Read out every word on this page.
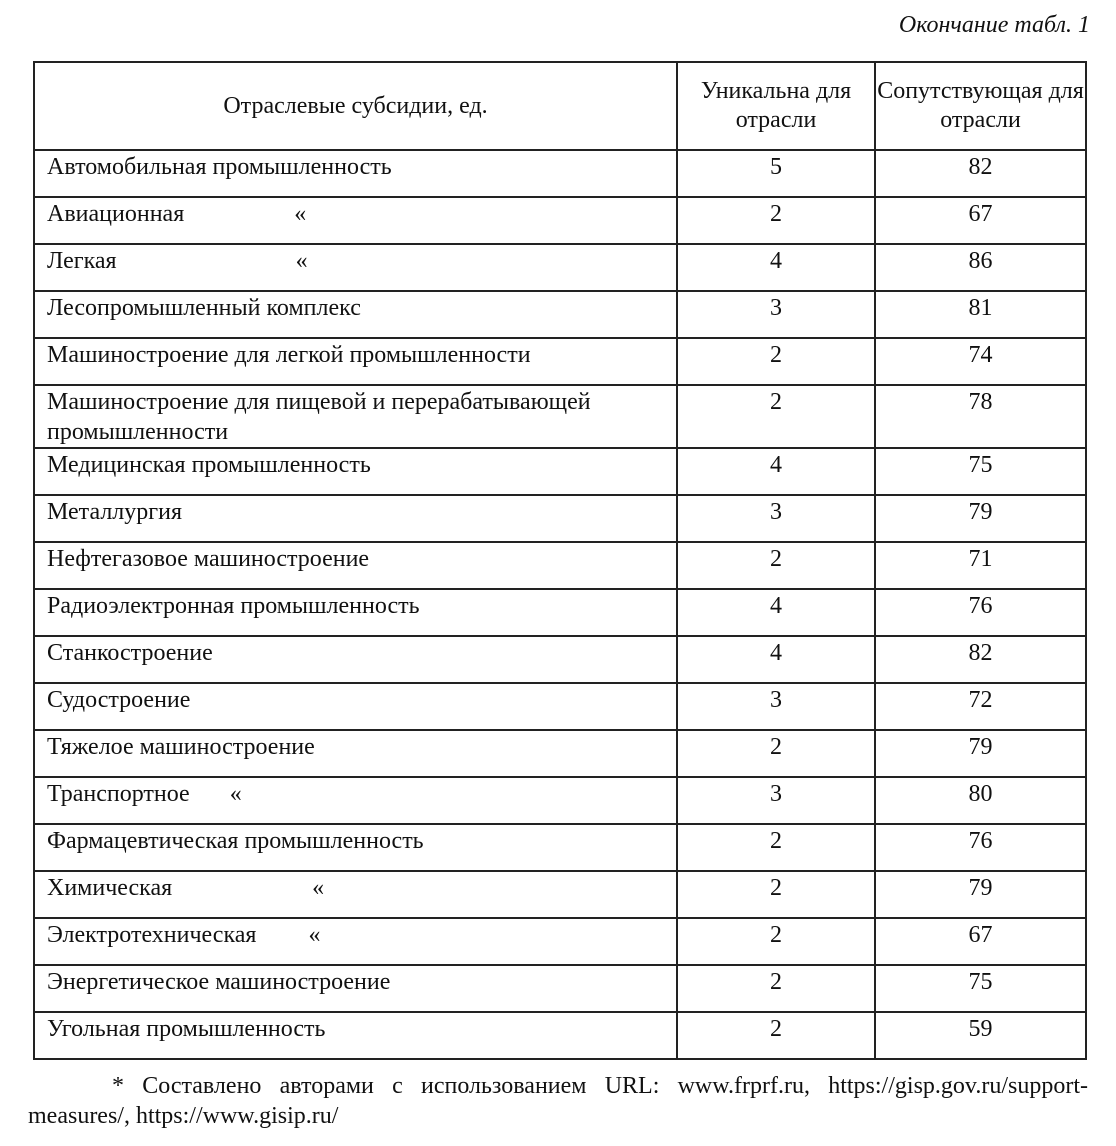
Окончание табл. 1
Отраслевые субсидии, ед.	Уникальна для отрасли	Сопутствующая для отрасли
Автомобильная промышленность	5	82
Авиационная «	2	67
Легкая «	4	86
Лесопромышленный комплекс	3	81
Машиностроение для легкой промышленности	2	74
Машиностроение для пищевой и перерабатывающей промышленности	2	78
Медицинская промышленность	4	75
Металлургия	3	79
Нефтегазовое машиностроение	2	71
Радиоэлектронная промышленность	4	76
Станкостроение	4	82
Судостроение	3	72
Тяжелое машиностроение	2	79
Транспортное «	3	80
Фармацевтическая промышленность	2	76
Химическая «	2	79
Электротехническая «	2	67
Энергетическое машиностроение	2	75
Угольная промышленность	2	59
* Составлено авторами с использованием URL: www.frprf.ru, https://gisp.gov.ru/support-measures/, https://www.gisip.ru/
